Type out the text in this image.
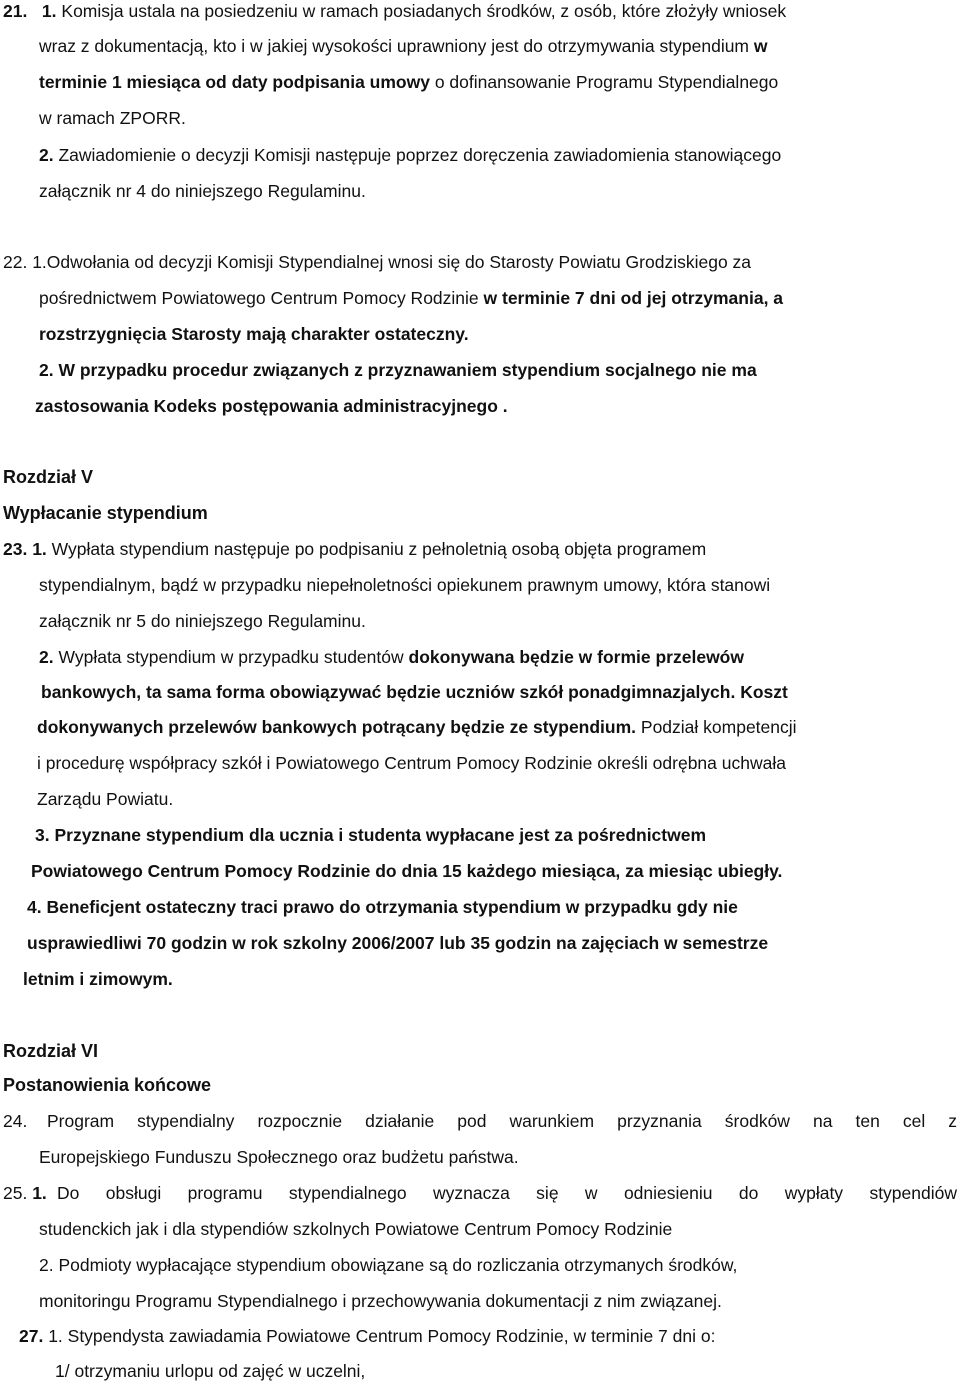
21. 1. Komisja ustala na posiedzeniu w ramach posiadanych środków, z osób, które złożyły wniosek
wraz z dokumentacją, kto i w jakiej wysokości uprawniony jest do otrzymywania stypendium w
terminie 1 miesiąca od daty podpisania umowy o dofinansowanie Programu Stypendialnego
w ramach ZPORR.
2. Zawiadomienie o decyzji Komisji następuje poprzez doręczenia zawiadomienia stanowiącego
załącznik nr 4 do niniejszego Regulaminu.
22. 1.Odwołania od decyzji Komisji Stypendialnej wnosi się do Starosty Powiatu Grodziskiego za
pośrednictwem Powiatowego Centrum Pomocy Rodzinie w terminie 7 dni od jej otrzymania, a
rozstrzygnięcia Starosty mają charakter ostateczny.
2. W przypadku procedur związanych z przyznawaniem stypendium socjalnego nie ma
zastosowania Kodeks postępowania administracyjnego .
Rozdział V
Wypłacanie stypendium
23. 1. Wypłata stypendium następuje po podpisaniu z pełnoletnią osobą objęta programem
stypendialnym, bądź w przypadku niepełnoletności opiekunem prawnym umowy, która stanowi
załącznik nr 5 do niniejszego Regulaminu.
2. Wypłata stypendium w przypadku studentów dokonywana będzie w formie przelewów
bankowych, ta sama forma obowiązywać będzie uczniów szkół ponadgimnazjalych. Koszt
dokonywanych przelewów bankowych potrącany będzie ze stypendium. Podział kompetencji
i procedurę współpracy szkół i Powiatowego Centrum Pomocy Rodzinie określi odrębna uchwała
Zarządu Powiatu.
3. Przyznane stypendium dla ucznia i studenta wypłacane jest za pośrednictwem
Powiatowego Centrum Pomocy Rodzinie do dnia 15 każdego miesiąca, za miesiąc ubiegły.
4. Beneficjent ostateczny traci prawo do otrzymania stypendium w przypadku gdy nie
usprawiedliwi 70 godzin w rok szkolny 2006/2007 lub 35 godzin na zajęciach w semestrze
letnim i zimowym.
Rozdział VI
Postanowienia końcowe
24. Program stypendialny rozpocznie działanie pod warunkiem przyznania środków na ten cel z
Europejskiego Funduszu Społecznego oraz budżetu państwa.
25. 1. Do obsługi programu stypendialnego wyznacza się w odniesieniu do wypłaty stypendiów
studenckich jak i dla stypendiów szkolnych Powiatowe Centrum Pomocy Rodzinie
2. Podmioty wypłacające stypendium obowiązane są do rozliczania otrzymanych środków,
monitoringu Programu Stypendialnego i przechowywania dokumentacji z nim związanej.
27. 1. Stypendysta zawiadamia Powiatowe Centrum Pomocy Rodzinie, w terminie 7 dni o:
1/ otrzymaniu urlopu od zajęć w uczelni,
